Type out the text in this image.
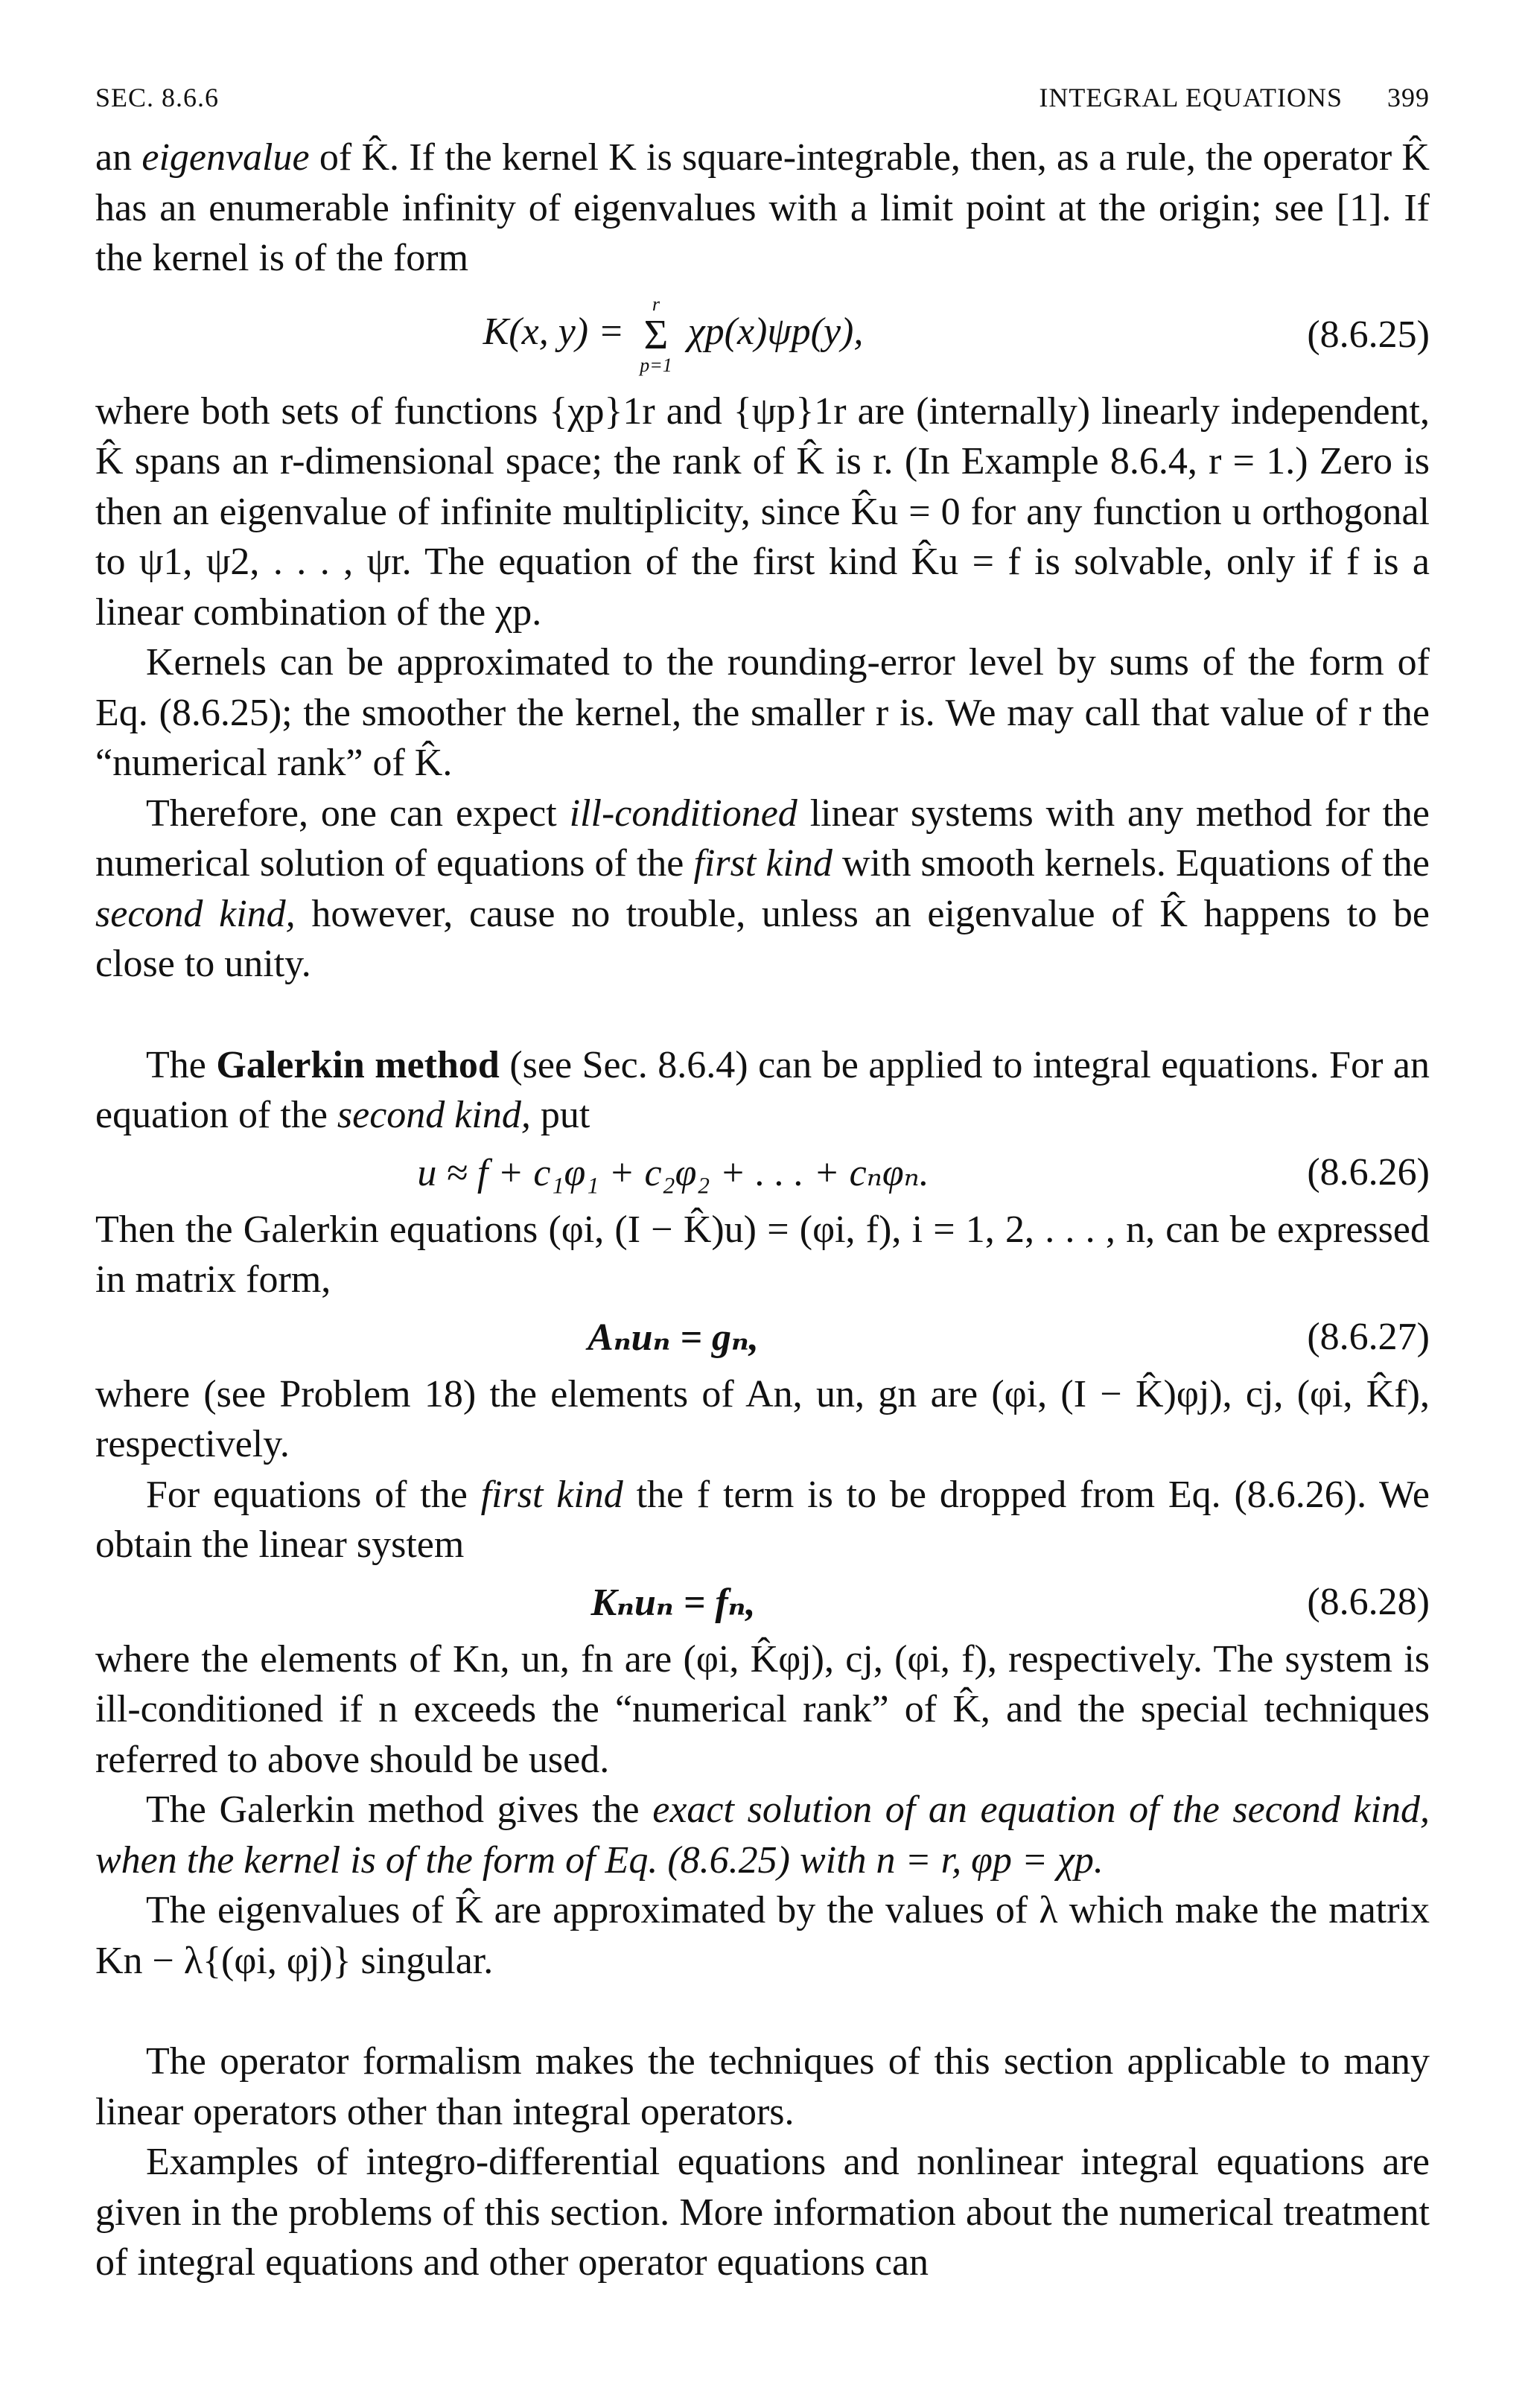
SEC. 8.6.6	INTEGRAL EQUATIONS 399

an eigenvalue of K̂. If the kernel K is square-integrable, then, as a rule, the operator K̂ has an enumerable infinity of eigenvalues with a limit point at the origin; see [1]. If the kernel is of the form

K(x, y) =
r
Σ
p=1
χp(x)ψp(y),	(8.6.25)

where both sets of functions {χp}1r and {ψp}1r are (internally) linearly independent, K̂ spans an r-dimensional space; the rank of K̂ is r. (In Example 8.6.4, r = 1.) Zero is then an eigenvalue of infinite multiplicity, since K̂u = 0 for any function u orthogonal to ψ1, ψ2, . . . , ψr. The equation of the first kind K̂u = f is solvable, only if f is a linear combination of the χp.

Kernels can be approximated to the rounding-error level by sums of the form of Eq. (8.6.25); the smoother the kernel, the smaller r is. We may call that value of r the “numerical rank” of K̂.

Therefore, one can expect ill-conditioned linear systems with any method for the numerical solution of equations of the first kind with smooth kernels. Equations of the second kind, however, cause no trouble, unless an eigenvalue of K̂ happens to be close to unity.

The Galerkin method (see Sec. 8.6.4) can be applied to integral equations. For an equation of the second kind, put

u ≈ f + c₁φ₁ + c₂φ₂ + . . . + cₙφₙ.	(8.6.26)

Then the Galerkin equations (φi, (I − K̂)u) = (φi, f), i = 1, 2, . . . , n, can be expressed in matrix form,

Aₙuₙ = gₙ,	(8.6.27)

where (see Problem 18) the elements of An, un, gn are (φi, (I − K̂)φj), cj, (φi, K̂f), respectively.

For equations of the first kind the f term is to be dropped from Eq. (8.6.26). We obtain the linear system

Kₙuₙ = fₙ,	(8.6.28)

where the elements of Kn, un, fn are (φi, K̂φj), cj, (φi, f), respectively. The system is ill-conditioned if n exceeds the “numerical rank” of K̂, and the special techniques referred to above should be used.

The Galerkin method gives the exact solution of an equation of the second kind, when the kernel is of the form of Eq. (8.6.25) with n = r, φp = χp.

The eigenvalues of K̂ are approximated by the values of λ which make the matrix Kn − λ{(φi, φj)} singular.

The operator formalism makes the techniques of this section applicable to many linear operators other than integral operators.

Examples of integro-differential equations and nonlinear integral equations are given in the problems of this section. More information about the numerical treatment of integral equations and other operator equations can
